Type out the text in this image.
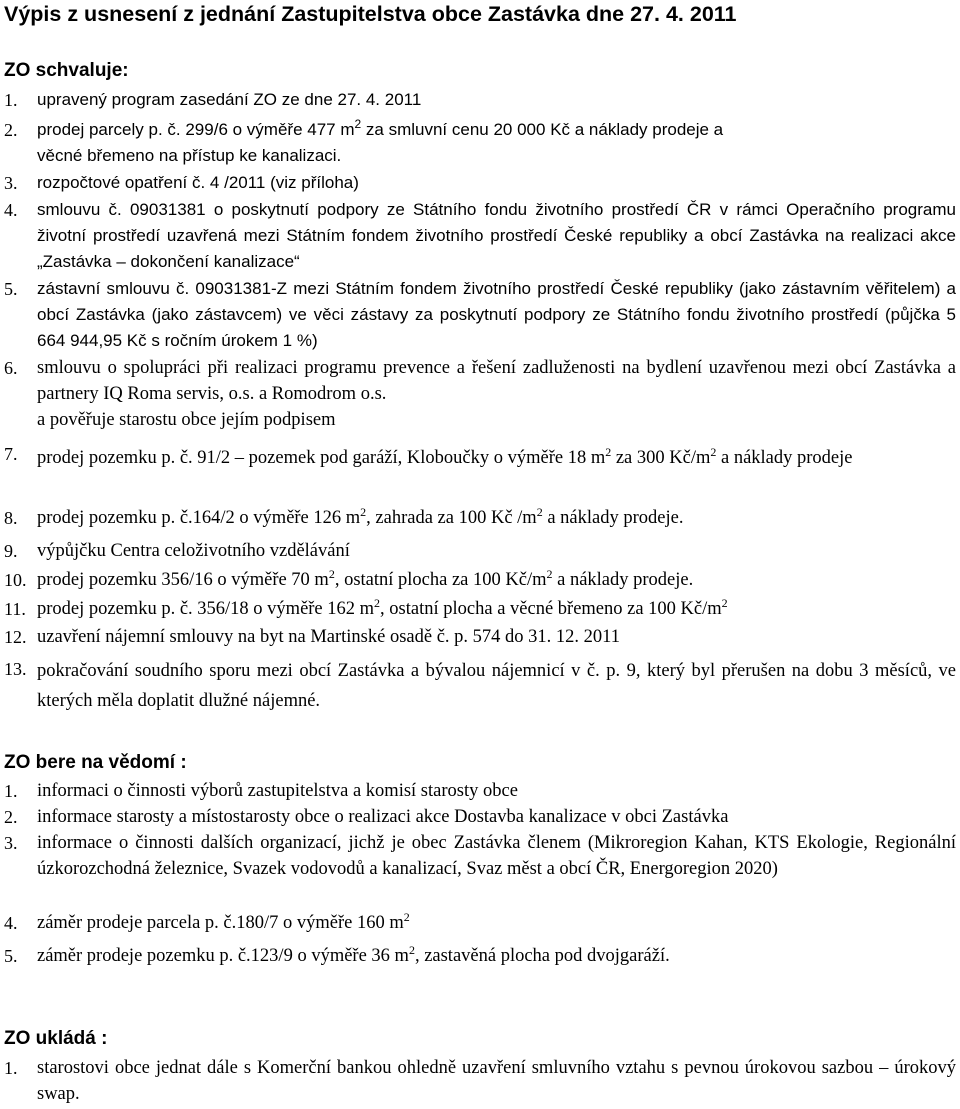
Výpis z usnesení z jednání Zastupitelstva obce Zastávka dne 27. 4. 2011
ZO schvaluje:
1. upravený program zasedání ZO ze dne 27. 4. 2011
2. prodej parcely p. č. 299/6 o výměře 477 $m^2$ za smluvní cenu 20 000 Kč a náklady prodeje a
věcné břemeno na přístup ke kanalizaci.
3. rozpočtové opatření č. 4 /2011 (viz příloha)
4. smlouvu č. 09031381 o poskytnutí podpory ze Státního fondu životního prostředí ČR v rámci Operačního programu životní prostředí uzavřená mezi Státním fondem životního prostředí České republiky a obcí Zastávka na realizaci akce „Zastávka – dokončení kanalizace“
5. zástavní smlouvu č. 09031381-Z mezi Státním fondem životního prostředí České republiky (jako zástavním věřitelem) a obcí Zastávka (jako zástavcem) ve věci zástavy za poskytnutí podpory ze Státního fondu životního prostředí (půjčka 5 664 944,95 Kč s ročním úrokem 1 %)
6. smlouvu o spolupráci při realizaci programu prevence a řešení zadluženosti na bydlení uzavřenou mezi obcí Zastávka a partnery IQ Roma servis, o.s. a Romodrom o.s.
a pověřuje starostu obce jejím podpisem
7. prodej pozemku p. č. 91/2 – pozemek pod garáží, Kloboučky o výměře 18 $m^2$ za 300 $Kč/m^2$ a náklady prodeje
8. prodej pozemku p. č.164/2 o výměře 126 $m^2$, zahrada za 100 Kč $/m^2$ a náklady prodeje.
9. výpůjčku Centra celoživotního vzdělávání
10. prodej pozemku 356/16 o výměře 70 $m^2$, ostatní plocha za 100 $Kč/m^2$ a náklady prodeje.
11. prodej pozemku p. č. 356/18 o výměře 162 $m^2$, ostatní plocha a věcné břemeno za 100 $Kč/m^2$
12. uzavření nájemní smlouvy na byt na Martinské osadě č. p. 574 do 31. 12. 2011
13. pokračování soudního sporu mezi obcí Zastávka a bývalou nájemnicí v č. p. 9, který byl přerušen na dobu 3 měsíců, ve kterých měla doplatit dlužné nájemné.
ZO bere na vědomí :
1. informaci o činnosti výborů zastupitelstva a komisí starosty obce
2. informace starosty a místostarosty obce o realizaci akce Dostavba kanalizace v obci Zastávka
3. informace o činnosti dalších organizací, jichž je obec Zastávka členem (Mikroregion Kahan, KTS Ekologie, Regionální úzkorozchodná železnice, Svazek vodovodů a kanalizací, Svaz měst a obcí ČR, Energoregion 2020)
4. záměr prodeje parcela p. č.180/7 o výměře 160 $m^2$
5. záměr prodeje pozemku p. č.123/9 o výměře 36 $m^2$, zastavěná plocha pod dvojgaráží.
ZO ukládá :
1. starostovi obce jednat dále s Komerční bankou ohledně uzavření smluvního vztahu s pevnou úrokovou sazbou – úrokový swap.
